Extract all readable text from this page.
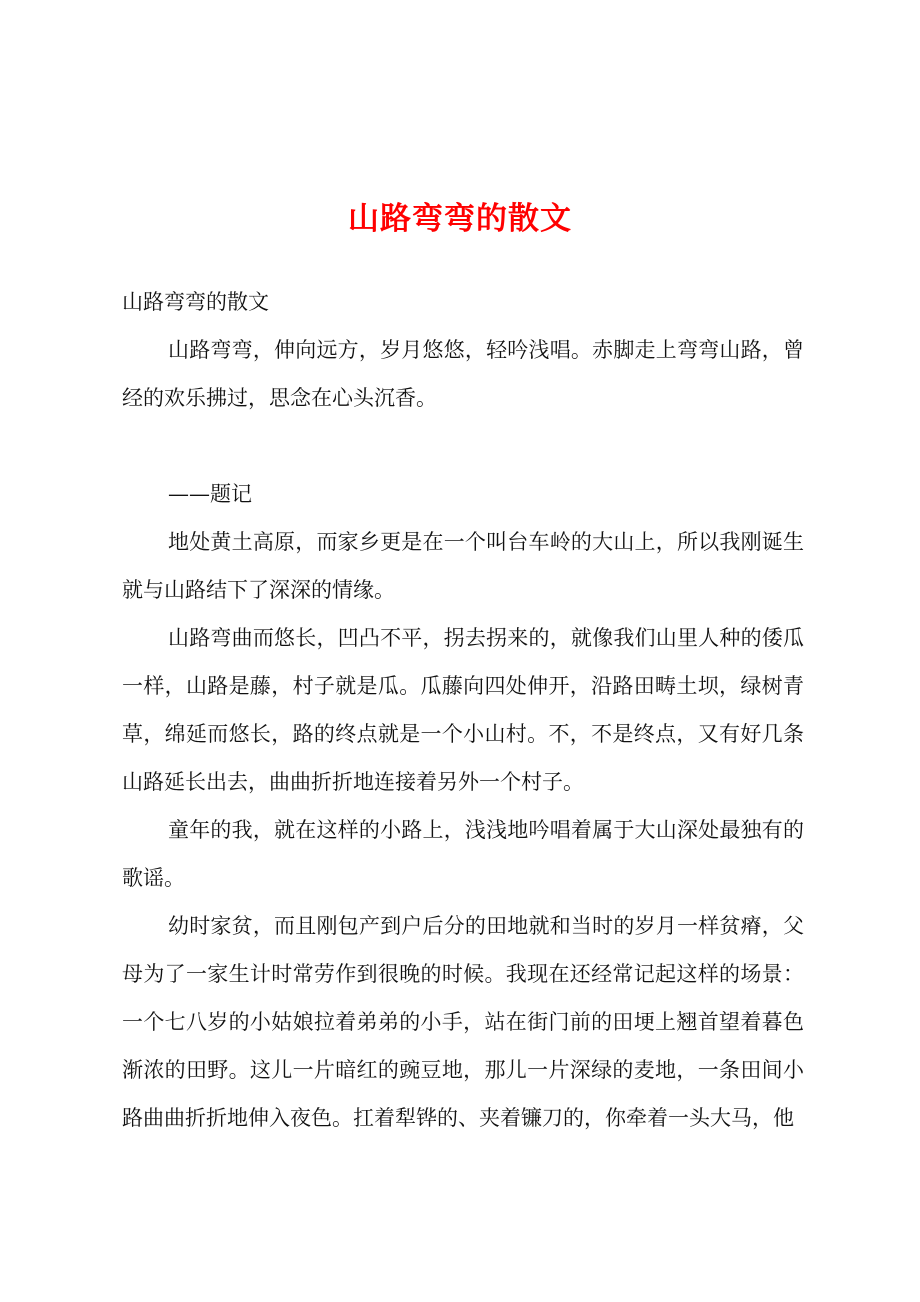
山路弯弯的散文

山路弯弯的散文

山路弯弯，伸向远方，岁月悠悠，轻吟浅唱。赤脚走上弯弯山路，曾经的欢乐拂过，思念在心头沉香。

——题记

地处黄土高原，而家乡更是在一个叫台车岭的大山上，所以我刚诞生就与山路结下了深深的情缘。

山路弯曲而悠长，凹凸不平，拐去拐来的，就像我们山里人种的倭瓜一样，山路是藤，村子就是瓜。瓜藤向四处伸开，沿路田畴土坝，绿树青草，绵延而悠长，路的终点就是一个小山村。不，不是终点，又有好几条山路延长出去，曲曲折折地连接着另外一个村子。

童年的我，就在这样的小路上，浅浅地吟唱着属于大山深处最独有的歌谣。

幼时家贫，而且刚包产到户后分的田地就和当时的岁月一样贫瘠，父母为了一家生计时常劳作到很晚的时候。我现在还经常记起这样的场景：一个七八岁的小姑娘拉着弟弟的小手，站在街门前的田埂上翘首望着暮色渐浓的田野。这儿一片暗红的豌豆地，那儿一片深绿的麦地，一条田间小路曲曲折折地伸入夜色。扛着犁铧的、夹着镰刀的，你牵着一头大马，他
